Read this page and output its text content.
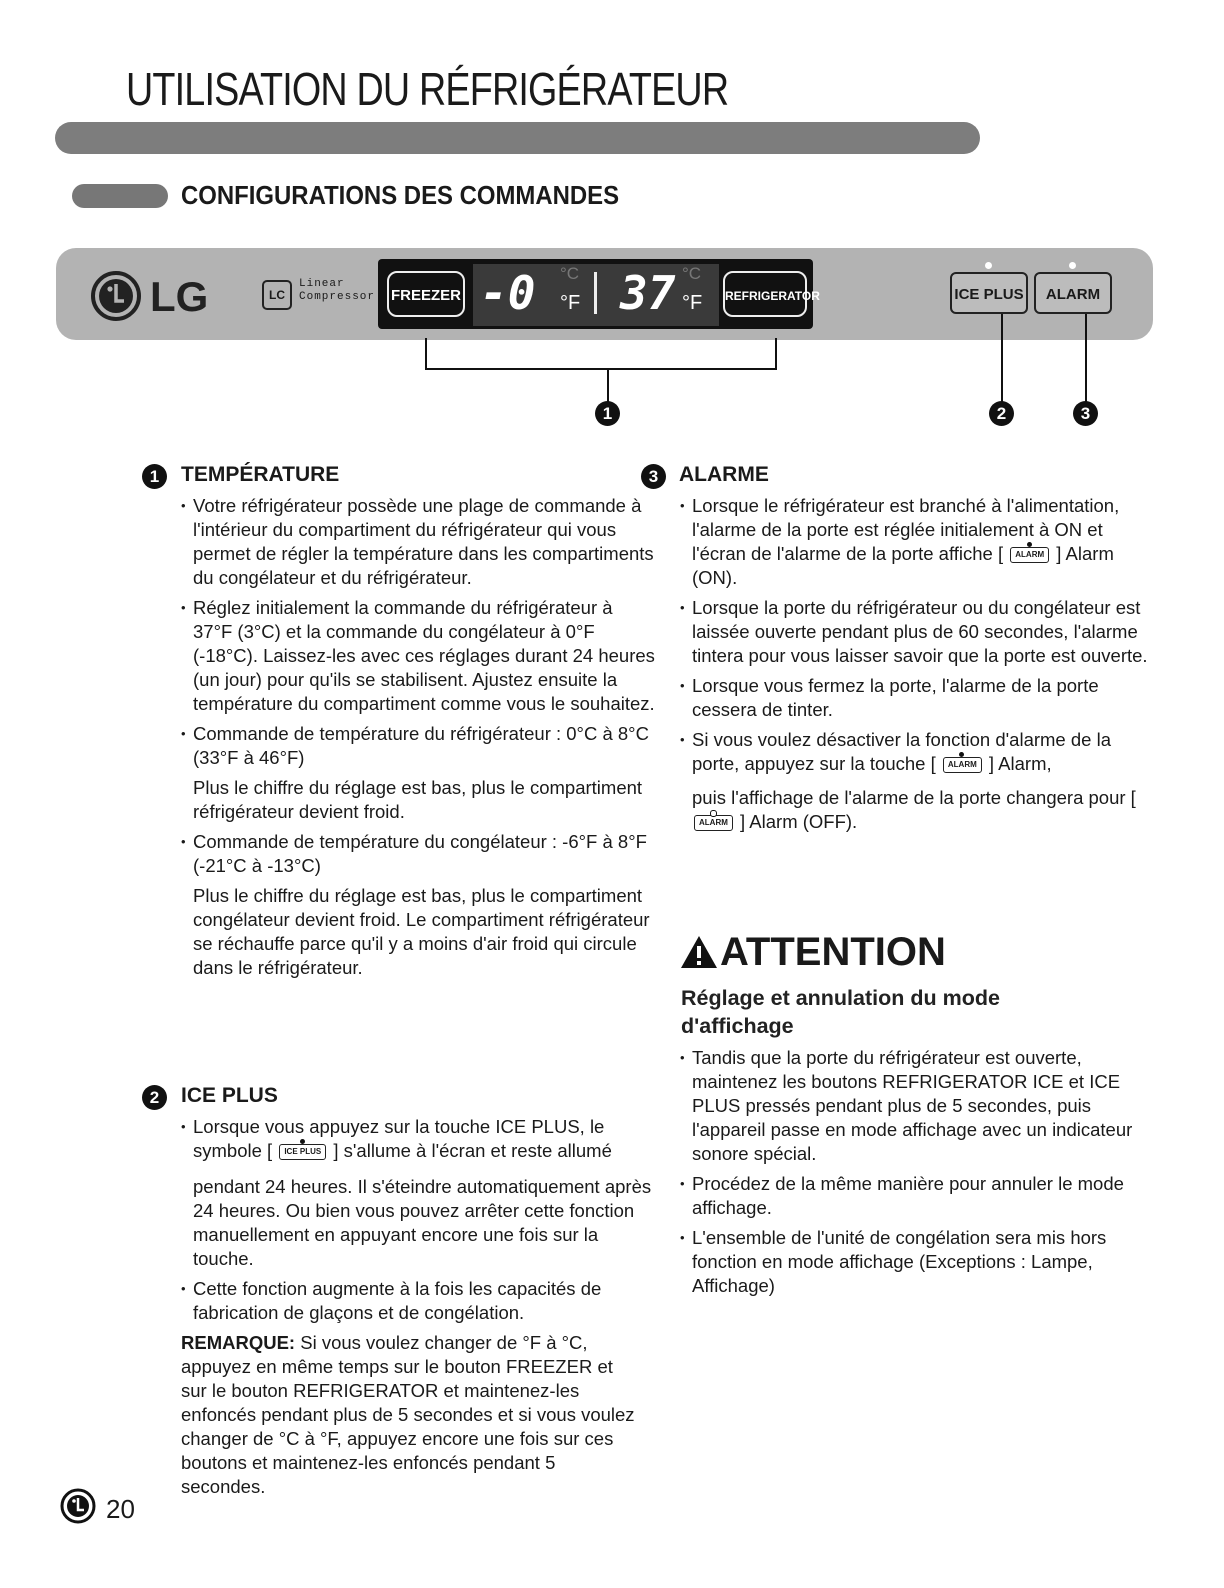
UTILISATION DU RÉFRIGÉRATEUR
CONFIGURATIONS DES COMMANDES
LG	LC
Linear
Compressor FREEZER -0 °C
°F 37 °C
°F REFRIGERATOR	ICE PLUS	ALARM
1	2	3
1	TEMPÉRATURE
• Votre réfrigérateur possède une plage de commande à l'intérieur du compartiment du réfrigérateur qui vous permet de régler la température dans les compartiments du congélateur et du réfrigérateur.
• Réglez initialement la commande du réfrigérateur à 37°F (3°C) et la commande du congélateur à 0°F (-18°C). Laissez-les avec ces réglages durant 24 heures (un jour) pour qu'ils se stabilisent. Ajustez ensuite la température du compartiment comme vous le souhaitez.
• Commande de température du réfrigérateur : 0°C à 8°C (33°F à 46°F)
Plus le chiffre du réglage est bas, plus le compartiment réfrigérateur devient froid.
• Commande de température du congélateur : -6°F à 8°F (-21°C à -13°C)
Plus le chiffre du réglage est bas, plus le compartiment congélateur devient froid. Le compartiment réfrigérateur se réchauffe parce qu'il y a moins d'air froid qui circule dans le réfrigérateur.
2	ICE PLUS
• Lorsque vous appuyez sur la touche ICE PLUS, le symbole [ ICE PLUS ] s'allume à l'écran et reste allumé
pendant 24 heures. Il s'éteindre automatiquement après 24 heures. Ou bien vous pouvez arrêter cette fonction manuellement en appuyant encore une fois sur la touche.
• Cette fonction augmente à la fois les capacités de fabrication de glaçons et de congélation.
REMARQUE: Si vous voulez changer de °F à °C, appuyez en même temps sur le bouton FREEZER et sur le bouton REFRIGERATOR et maintenez-les enfoncés pendant plus de 5 secondes et si vous voulez changer de °C à °F, appuyez encore une fois sur ces boutons et maintenez-les enfoncés pendant 5 secondes.
3 ALARME
• Lorsque le réfrigérateur est branché à l'alimentation, l'alarme de la porte est réglée initialement à ON et l'écran de l'alarme de la porte affiche [ ALARM ] Alarm (ON).
• Lorsque la porte du réfrigérateur ou du congélateur est laissée ouverte pendant plus de 60 secondes, l'alarme tintera pour vous laisser savoir que la porte est ouverte.
• Lorsque vous fermez la porte, l'alarme de la porte cessera de tinter.
• Si vous voulez désactiver la fonction d'alarme de la porte, appuyez sur la touche [ ALARM ] Alarm,
puis l'affichage de l'alarme de la porte changera pour [ ALARM ] Alarm (OFF).
ATTENTION
Réglage et annulation du mode d'affichage
• Tandis que la porte du réfrigérateur est ouverte, maintenez les boutons REFRIGERATOR ICE et ICE PLUS pressés pendant plus de 5 secondes, puis l'appareil passe en mode affichage avec un indicateur sonore spécial.
• Procédez de la même manière pour annuler le mode affichage.
• L'ensemble de l'unité de congélation sera mis hors fonction en mode affichage (Exceptions : Lampe, Affichage)
20
